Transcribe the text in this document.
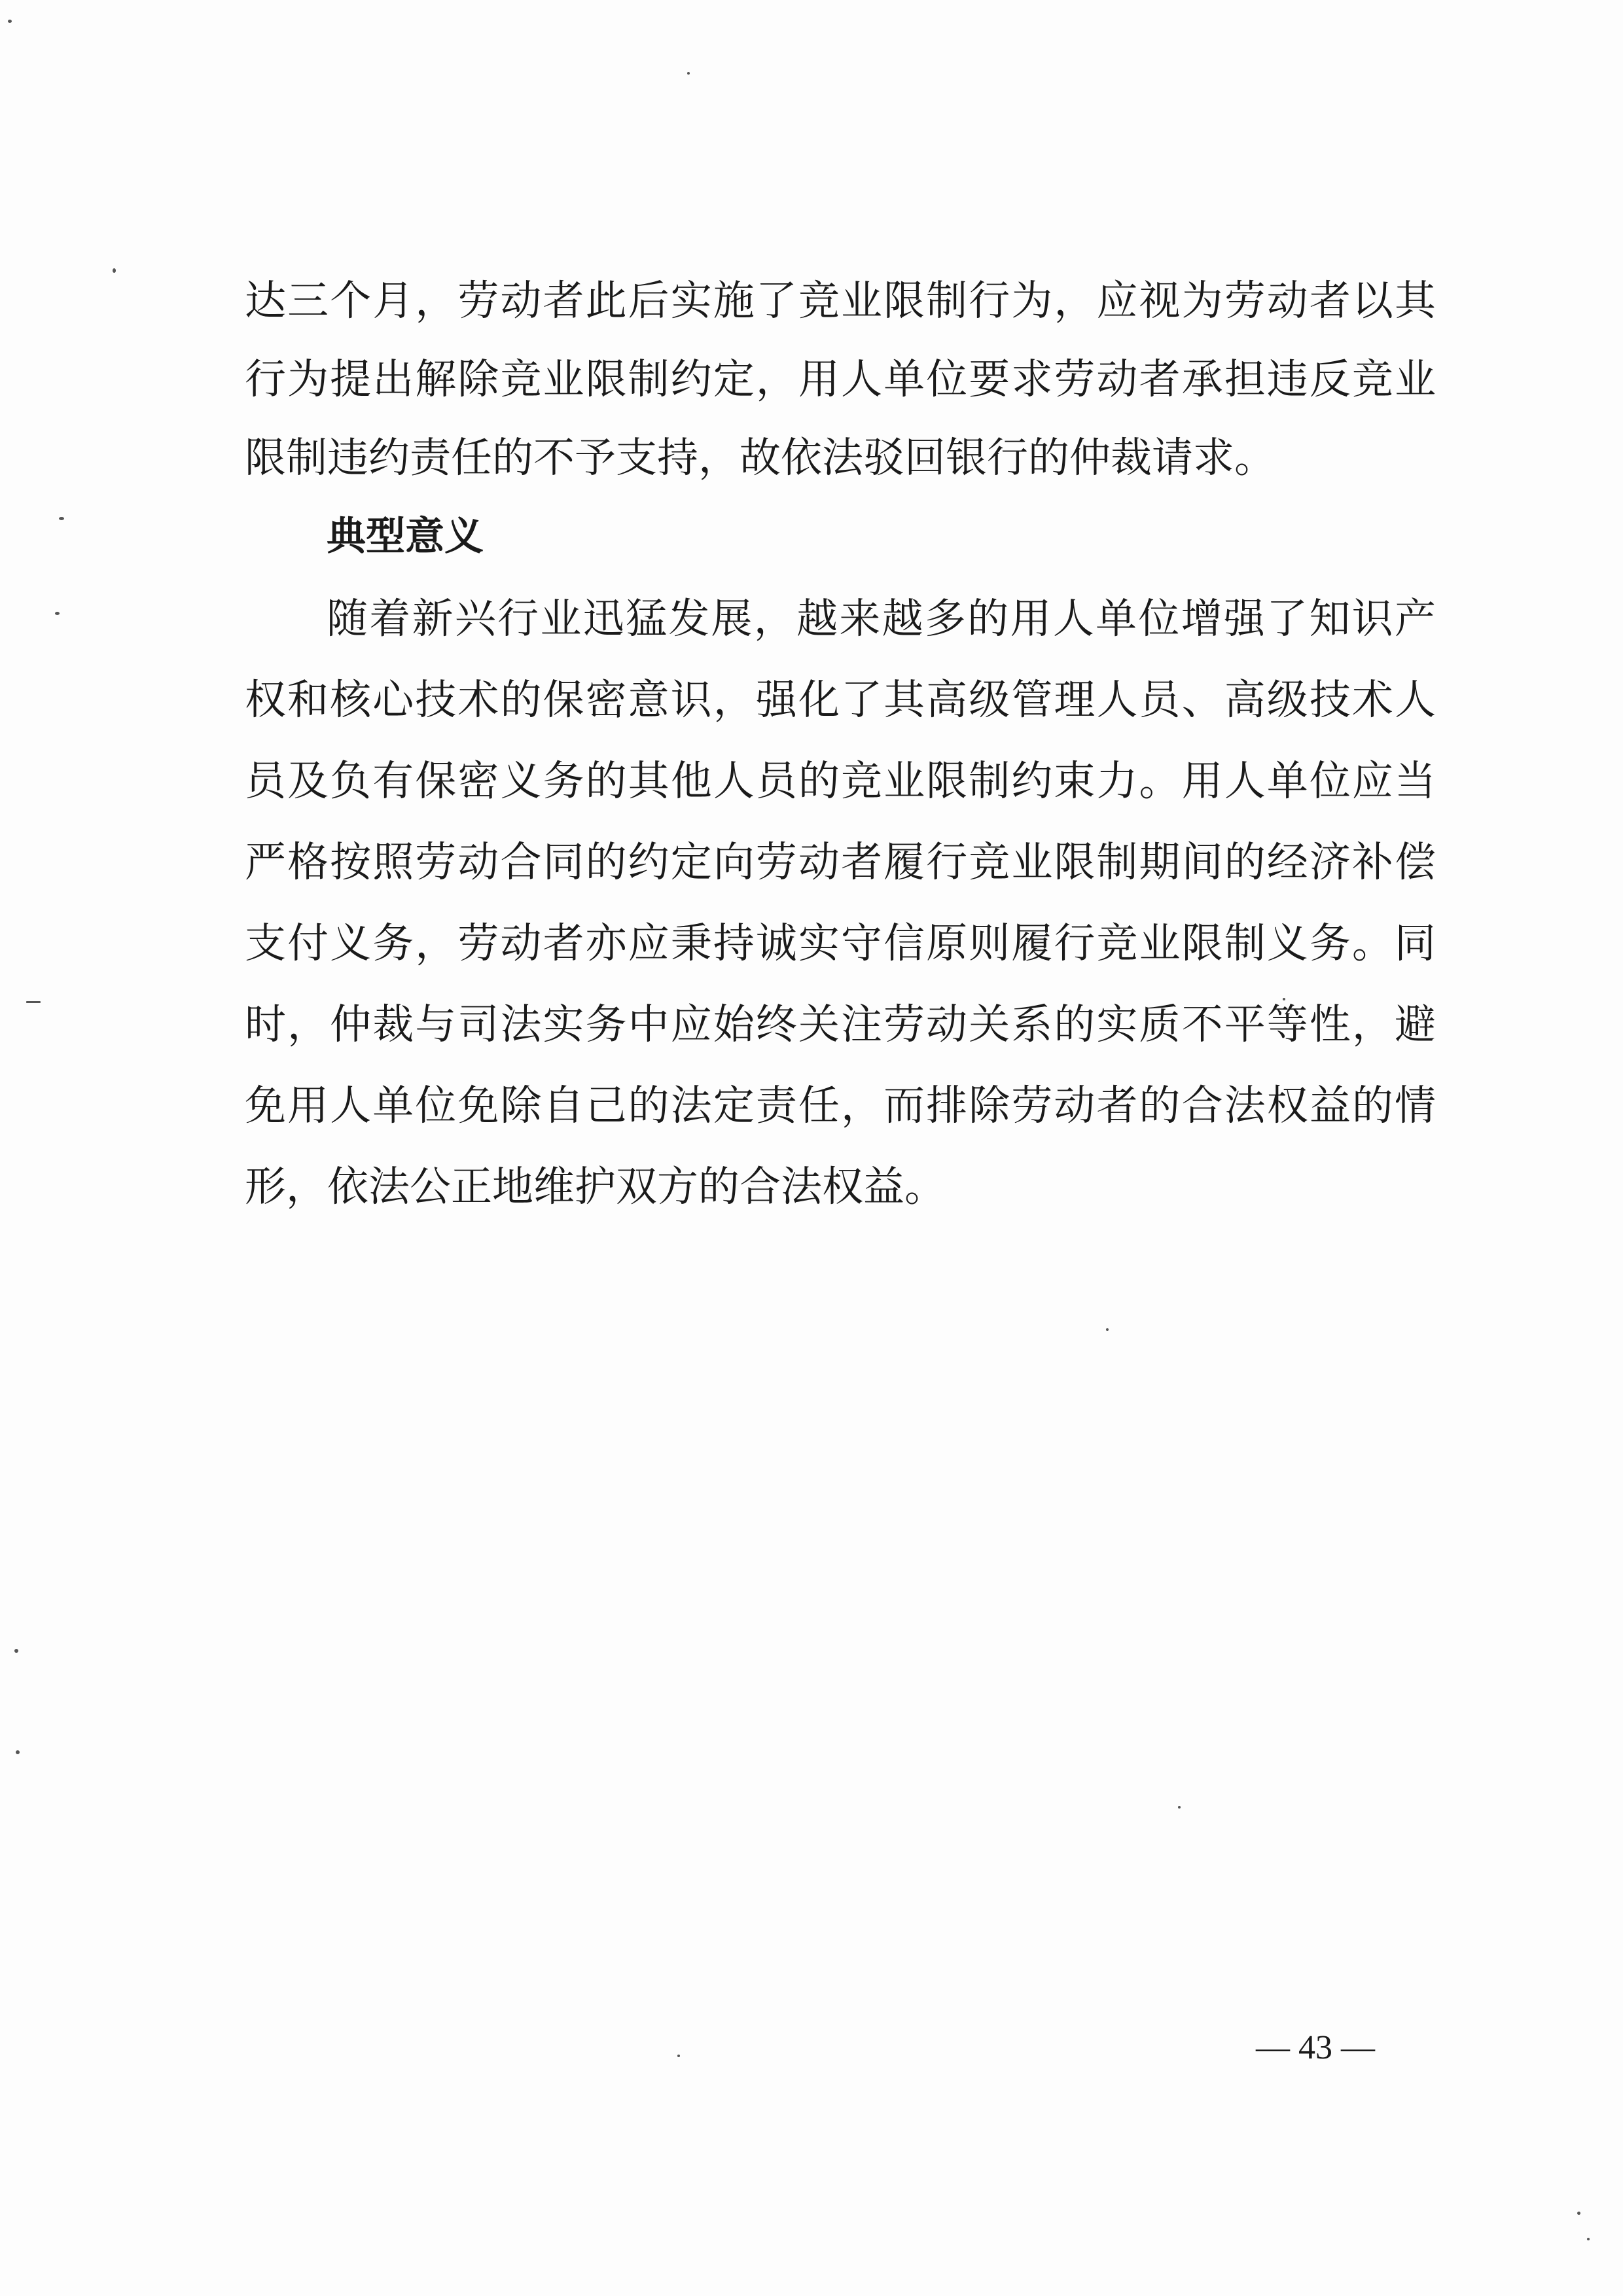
达三个月，劳动者此后实施了竞业限制行为，应视为劳动者以其
行为提出解除竞业限制约定，用人单位要求劳动者承担违反竞业
限制违约责任的不予支持，故依法驳回银行的仲裁请求。
典型意义
随着新兴行业迅猛发展，越来越多的用人单位增强了知识产
权和核心技术的保密意识，强化了其高级管理人员、高级技术人
员及负有保密义务的其他人员的竞业限制约束力。用人单位应当
严格按照劳动合同的约定向劳动者履行竞业限制期间的经济补偿
支付义务，劳动者亦应秉持诚实守信原则履行竞业限制义务。同
时，仲裁与司法实务中应始终关注劳动关系的实质不平等性，避
免用人单位免除自己的法定责任，而排除劳动者的合法权益的情
形，依法公正地维护双方的合法权益。
— 43 —
